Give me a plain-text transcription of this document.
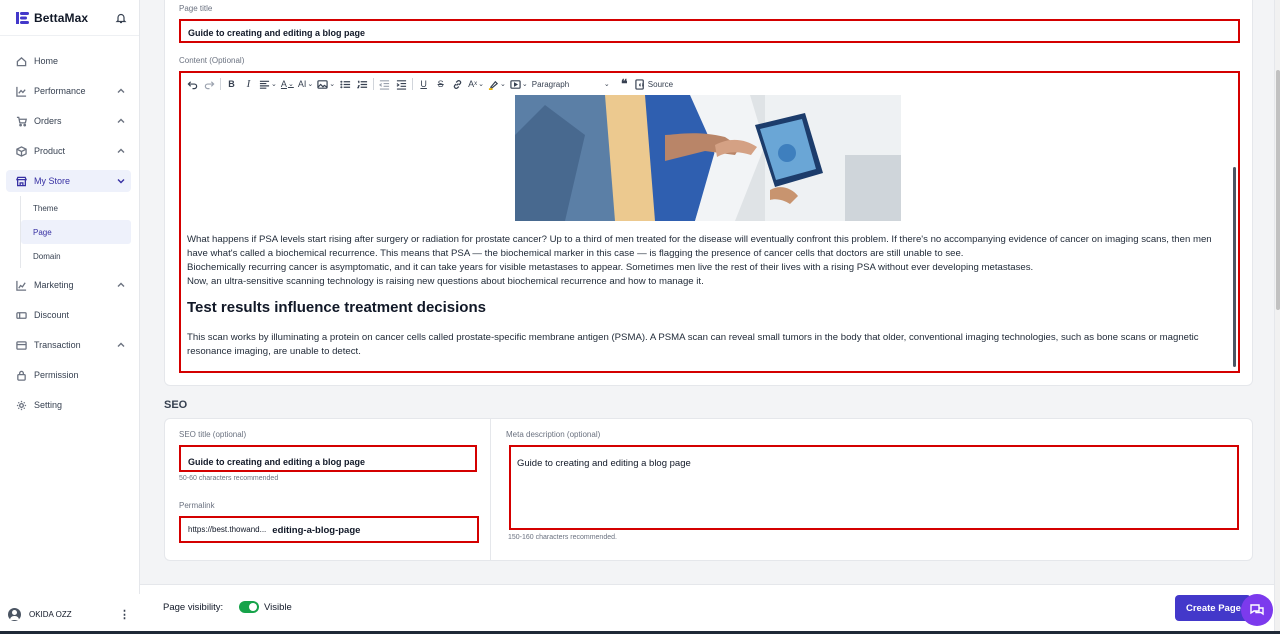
BettaMax
Home
Performance
Orders
Product
My Store
Theme
Page
Domain
Marketing
Discount
Transaction
Permission
Setting
OKIDA OZZ	⋮
Page title
Guide to creating and editing a blog page
Content (Optional)
B	I	⌄ A ⌄ AI ⌄ ⌄	U	S	A x ⌄ ⌄ ⌄ Paragraph	⌄ ❝	Source

What happens if PSA levels start rising after surgery or radiation for prostate cancer? Up to a third of men treated for the disease will eventually confront this problem. If there's no accompanying evidence of cancer on imaging scans, then men have what's called a biochemical recurrence. This means that PSA — the biochemical marker in this case — is flagging the presence of cancer cells that doctors are still unable to see.

Biochemically recurring cancer is asymptomatic, and it can take years for visible metastases to appear. Sometimes men live the rest of their lives with a rising PSA without ever developing metastases.

Now, an ultra-sensitive scanning technology is raising new questions about biochemical recurrence and how to manage it.

Test results influence treatment decisions

This scan works by illuminating a protein on cancer cells called prostate-specific membrane antigen (PSMA). A PSMA scan can reveal small tumors in the body that older, conventional imaging technologies, such as bone scans or magnetic resonance imaging, are unable to detect.

SEO
SEO title (optional)
Guide to creating and editing a blog page
50-60 characters recommended
Permalink
https://best.thowand... editing-a-blog-page
Meta description (optional)
Guide to creating and editing a blog page
150-160 characters recommended.
Page visibility:	Visible	Create Page
